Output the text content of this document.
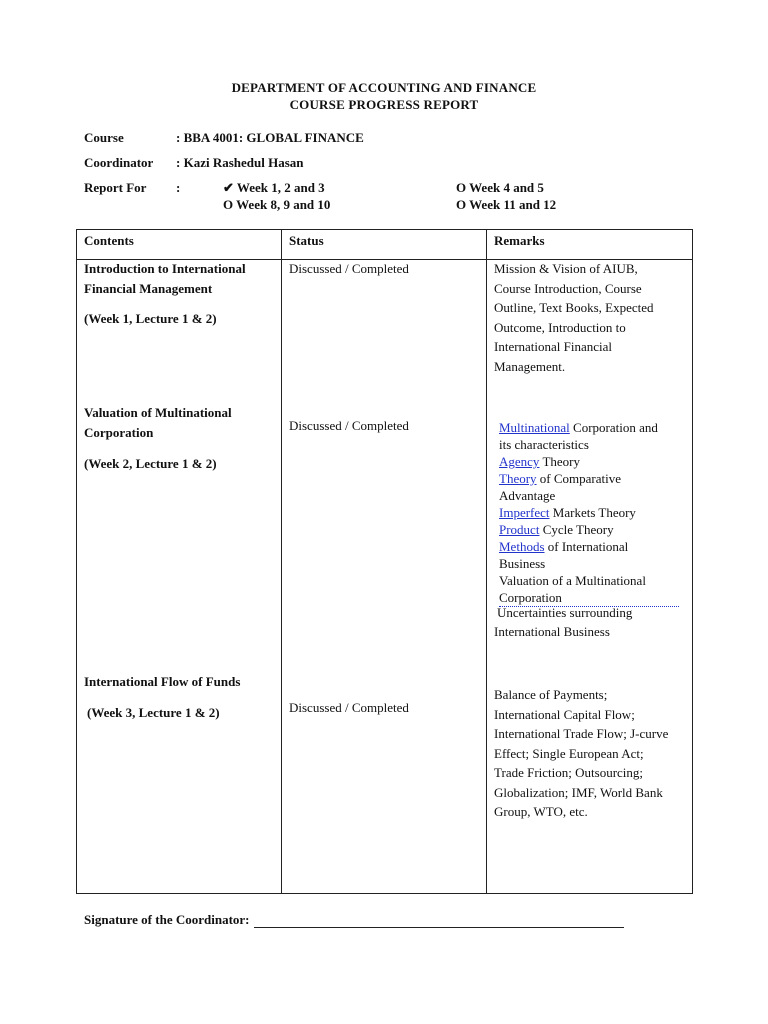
DEPARTMENT OF ACCOUNTING AND FINANCE
COURSE PROGRESS REPORT
Course	: BBA 4001: GLOBAL FINANCE
Coordinator : Kazi Rashedul Hasan
Report For :	✔ Week 1, 2 and 3	O Week 4 and 5
O Week 8, 9 and 10	O Week 11 and 12
Contents	Status	Remarks
Introduction to International
Financial Management
(Week 1, Lecture 1 & 2)
Discussed / Completed	Mission & Vision of AIUB,
Course Introduction, Course
Outline, Text Books, Expected
Outcome, Introduction to
International Financial
Management.
Valuation of Multinational
Corporation
(Week 2, Lecture 1 & 2)
Discussed / Completed	Multinational Corporation and
its characteristics
Agency Theory
Theory of Comparative
Advantage
Imperfect Markets Theory
Product Cycle Theory
Methods of International
Business
Valuation of a Multinational
Corporation
Uncertainties surrounding
International Business
International Flow of Funds
(Week 3, Lecture 1 & 2)	Discussed / Completed
Balance of Payments;
International Capital Flow;
International Trade Flow; J-curve
Effect; Single European Act;
Trade Friction; Outsourcing;
Globalization; IMF, World Bank
Group, WTO, etc.
Signature of the Coordinator:
